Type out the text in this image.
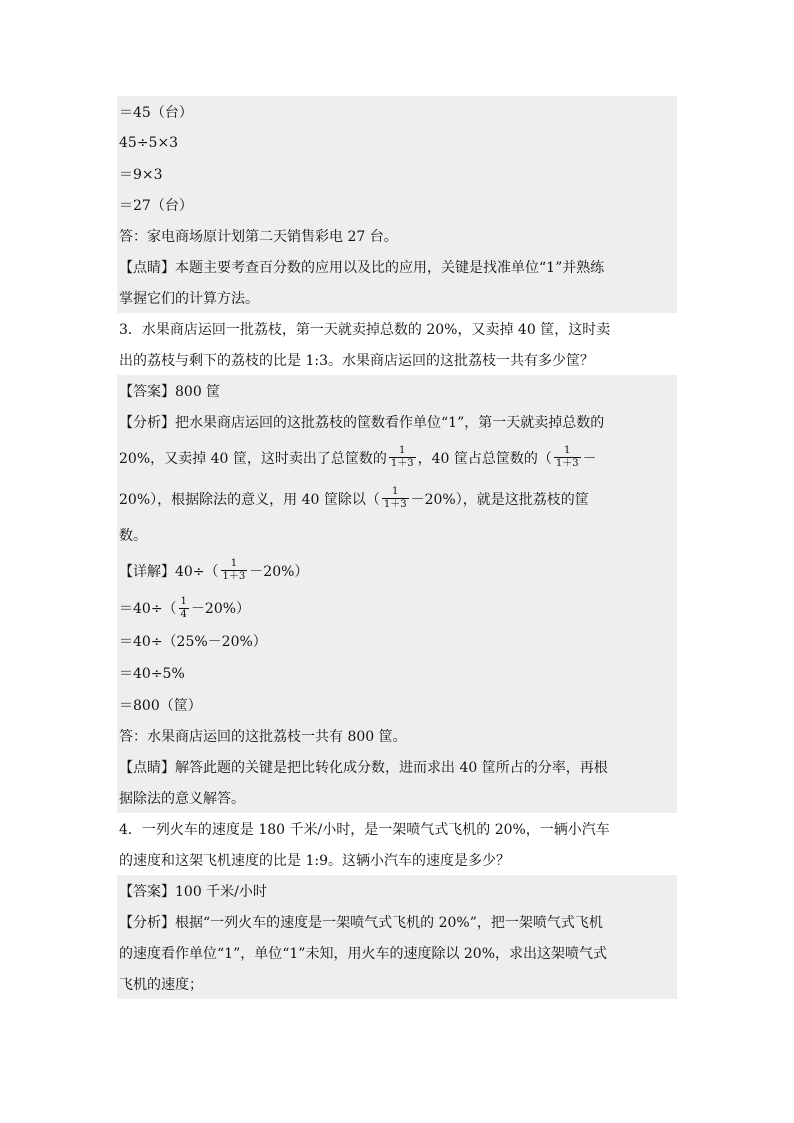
＝45（台）
45÷5×3
＝9×3
＝27（台）
答：家电商场原计划第二天销售彩电 27 台。
【点睛】本题主要考查百分数的应用以及比的应用，关键是找准单位“1”并熟练
掌握它们的计算方法。
3．水果商店运回一批荔枝，第一天就卖掉总数的 20%，又卖掉 40 筐，这时卖
出的荔枝与剩下的荔枝的比是 1:3。水果商店运回的这批荔枝一共有多少筐？
【答案】800 筐
【分析】把水果商店运回的这批荔枝的筐数看作单位“1”，第一天就卖掉总数的
20%，又卖掉 40 筐，这时卖出了总筐数的 $\frac{1}{1+3}$ ，40 筐占总筐数的（ $\frac{1}{1+3}$ －
20%），根据除法的意义，用 40 筐除以（ $\frac{1}{1+3} -20\%$），就是这批荔枝的筐
数。
【详解】$40\div( \frac{1}{1+3} -20\%)$
$=40\div( \frac{1}{4} -20\%)$
＝40÷（25%－20%）
＝40÷5%
＝800（筐）
答：水果商店运回的这批荔枝一共有 800 筐。
【点睛】解答此题的关键是把比转化成分数，进而求出 40 筐所占的分率，再根
据除法的意义解答。
4．一列火车的速度是 180 千米/小时，是一架喷气式飞机的 20%，一辆小汽车
的速度和这架飞机速度的比是 1:9。这辆小汽车的速度是多少？
【答案】100 千米/小时
【分析】根据“一列火车的速度是一架喷气式飞机的 20%”，把一架喷气式飞机
的速度看作单位“1”，单位“1”未知，用火车的速度除以 20%，求出这架喷气式
飞机的速度；
